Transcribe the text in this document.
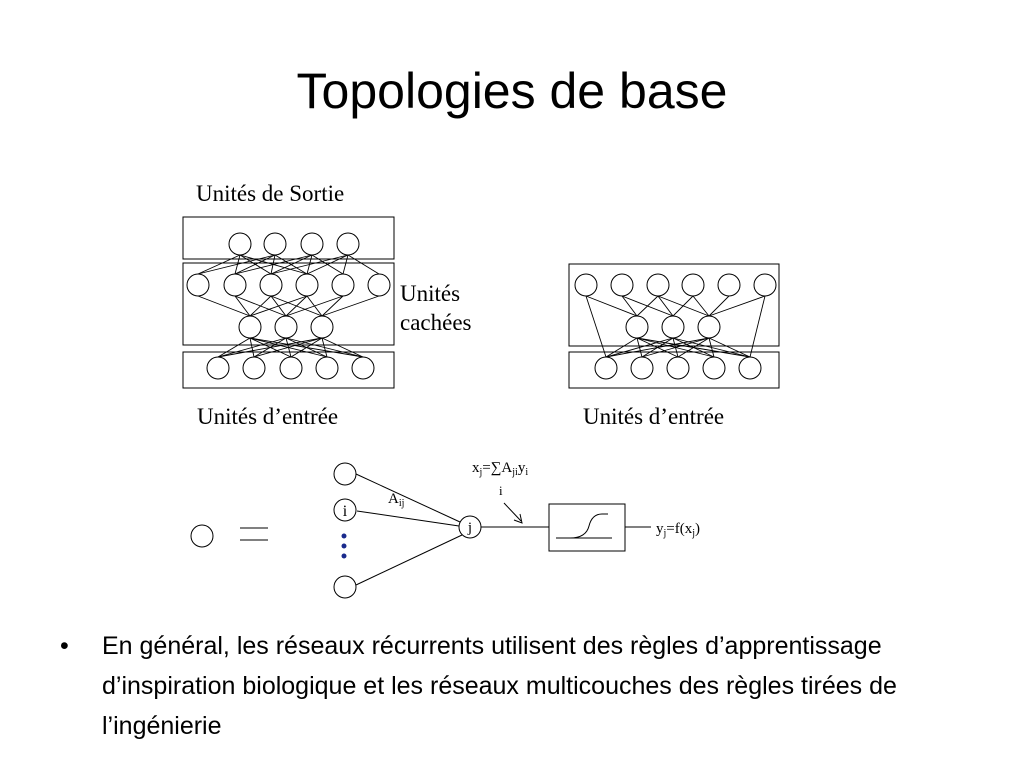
Topologies de base
i
$A_{ij}$
j
$x_j=\sum A_{ji}y_i$
i
$y_j=f(x_j)$
Unités de Sortie
Unités
cachées
Unités d’entrée	Unités d’entrée
• En général, les réseaux récurrents utilisent des règles d’apprentissage d’inspiration biologique et les réseaux multicouches des règles tirées de l’ingénierie
